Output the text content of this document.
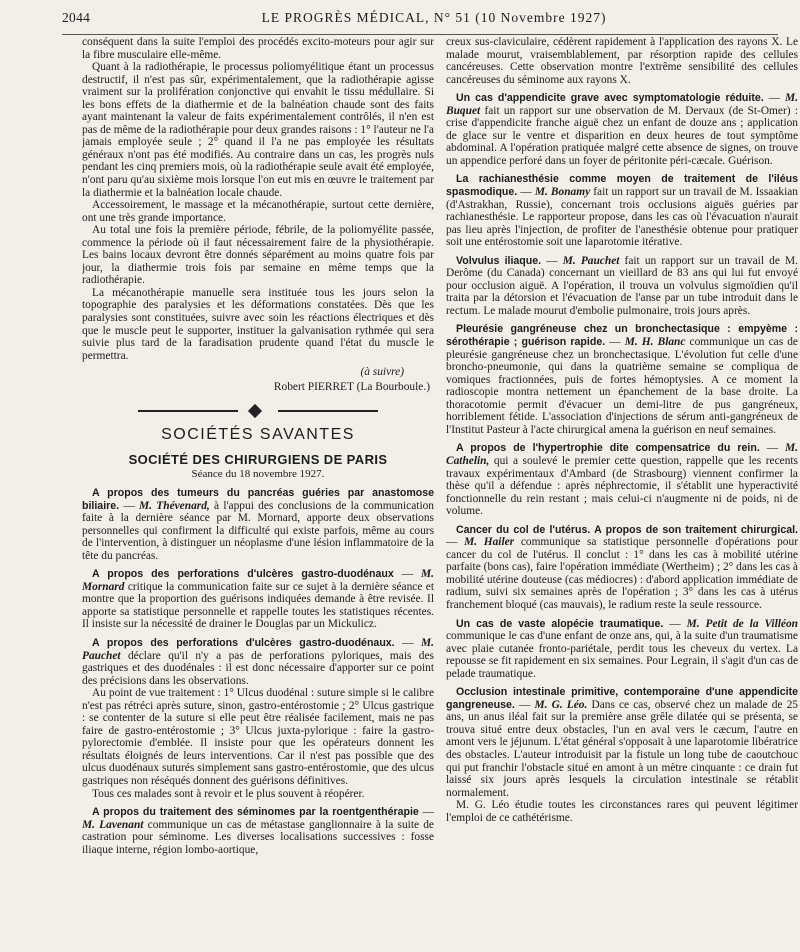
2044	LE PROGRÈS MÉDICAL, N° 51 (10 Novembre 1927)

conséquent dans la suite l'emploi des procédés excito-moteurs pour agir sur la fibre musculaire elle-même.

Quant à la radiothérapie, le processus poliomyélitique étant un processus destructif, il n'est pas sûr, expérimentalement, que la radiothérapie agisse vraiment sur la prolifération conjonctive qui envahit le tissu médullaire. Si les bons effets de la diathermie et de la balnéation chaude sont des faits ayant maintenant la valeur de faits expérimentalement contrôlés, il n'en est pas de même de la radiothérapie pour deux grandes raisons : 1° l'auteur ne l'a jamais employée seule ; 2° quand il l'a ne pas employée les résultats généraux n'ont pas été modifiés. Au contraire dans un cas, les progrès nuls pendant les cinq premiers mois, où la radiothérapie seule avait été employée, n'ont paru qu'au sixième mois lorsque l'on eut mis en œuvre le traitement par la diathermie et la balnéation locale chaude.

Accessoirement, le massage et la mécanothérapie, surtout cette dernière, ont une très grande importance.

Au total une fois la première période, fébrile, de la poliomyélite passée, commence la période où il faut nécessairement faire de la physiothérapie. Les bains locaux devront être donnés séparément au moins quatre fois par jour, la diathermie trois fois par semaine en même temps que la radiothérapie.

La mécanothérapie manuelle sera instituée tous les jours selon la topographie des paralysies et les déformations constatées. Dès que les paralysies sont constituées, suivre avec soin les réactions électriques et dès que le muscle peut le supporter, instituer la galvanisation rythmée qui sera suivie plus tard de la faradisation prudente quand l'état du muscle le permettra.

(à suivre)
Robert PIERRET (La Bourboule.)
SOCIÉTÉS SAVANTES
SOCIÉTÉ DES CHIRURGIENS DE PARIS
Séance du 18 novembre 1927.

A propos des tumeurs du pancréas guéries par anastomose biliaire. — M. Thévenard, à l'appui des conclusions de la communication faite à la dernière séance par M. Mornard, apporte deux observations personnelles qui confirment la difficulté qui existe parfois, même au cours de l'intervention, à distinguer un néoplasme d'une lésion inflammatoire de la tête du pancréas.

A propos des perforations d'ulcères gastro-duodénaux — M. Mornard critique la communication faite sur ce sujet à la dernière séance et montre que la proportion des guérisons indiquées demande à être revisée. Il apporte sa statistique personnelle et rappelle toutes les statistiques récentes. Il insiste sur la nécessité de drainer le Douglas par un Mickulicz.

A propos des perforations d'ulcères gastro-duodénaux. — M. Pauchet déclare qu'il n'y a pas de perforations pyloriques, mais des gastriques et des duodénales : il est donc nécessaire d'apporter sur ce point des précisions dans les observations.

Au point de vue traitement : 1° Ulcus duodénal : suture simple si le calibre n'est pas rétréci après suture, sinon, gastro-entérostomie ; 2° Ulcus gastrique : se contenter de la suture si elle peut être réalisée facilement, mais ne pas faire de gastro-entérostomie ; 3° Ulcus juxta-pylorique : faire la gastro-pylorectomie d'emblée. Il insiste pour que les opérateurs donnent les résultats éloignés de leurs interventions. Car il n'est pas possible que des ulcus duodénaux suturés simplement sans gastro-entérostomie, que des ulcus gastriques non réséqués donnent des guérisons définitives.

Tous ces malades sont à revoir et le plus souvent à réopérer.

A propos du traitement des séminomes par la roentgenthérapie — M. Lavenant communique un cas de métastase ganglionnaire à la suite de castration pour séminome. Les diverses localisations successives : fosse iliaque interne, région lombo-aortique,

creux sus-claviculaire, cédèrent rapidement à l'application des rayons X. Le malade mourut, vraisemblablement, par résorption rapide des cellules cancéreuses. Cette observation montre l'extrême sensibilité des cellules cancéreuses du séminome aux rayons X.

Un cas d'appendicite grave avec symptomatologie réduite. — M. Buquet fait un rapport sur une observation de M. Dervaux (de St-Omer) : crise d'appendicite franche aiguë chez un enfant de douze ans ; application de glace sur le ventre et disparition en deux heures de tout symptôme abdominal. A l'opération pratiquée malgré cette absence de signes, on trouve un appendice perforé dans un foyer de péritonite péri-cæcale. Guérison.

La rachianesthésie comme moyen de traitement de l'iléus spasmodique. — M. Bonamy fait un rapport sur un travail de M. Issaakian (d'Astrakhan, Russie), concernant trois occlusions aiguës guéries par rachianesthésie. Le rapporteur propose, dans les cas où l'évacuation n'aurait pas lieu après l'injection, de profiter de l'anesthésie obtenue pour pratiquer soit une entérostomie soit une laparotomie itérative.

Volvulus iliaque. — M. Pauchet fait un rapport sur un travail de M. Derôme (du Canada) concernant un vieillard de 83 ans qui lui fut envoyé pour occlusion aiguë. A l'opération, il trouva un volvulus sigmoïdien qu'il traita par la détorsion et l'évacuation de l'anse par un tube introduit dans le rectum. Le malade mourut d'embolie pulmonaire, trois jours après.

Pleurésie gangréneuse chez un bronchectasique : empyème : sérothérapie ; guérison rapide. — M. H. Blanc communique un cas de pleurésie gangréneuse chez un bronchectasique. L'évolution fut celle d'une broncho-pneumonie, qui dans la quatrième semaine se compliqua de vomiques fractionnées, puis de fortes hémoptysies. A ce moment la radioscopie montra nettement un épanchement de la base droite. La thoracotomie permit d'évacuer un demi-litre de pus gangréneux, horriblement fétide. L'association d'injections de sérum anti-gangréneux de l'Institut Pasteur à l'acte chirurgical amena la guérison en neuf semaines.

A propos de l'hypertrophie dite compensatrice du rein. — M. Cathelin, qui a soulevé le premier cette question, rappelle que les recents travaux expérimentaux d'Ambard (de Strasbourg) viennent confirmer la thèse qu'il a défendue : après néphrectomie, il s'établit une hyperactivité fonctionnelle du rein restant ; mais celui-ci n'augmente ni de poids, ni de volume.

Cancer du col de l'utérus. A propos de son traitement chirurgical. — M. Hailer communique sa statistique personnelle d'opérations pour cancer du col de l'utérus. Il conclut : 1° dans les cas à mobilité utérine parfaite (bons cas), faire l'opération immédiate (Wertheim) ; 2° dans les cas à mobilité utérine douteuse (cas médiocres) : d'abord application immédiate de radium, suivi six semaines après de l'opération ; 3° dans les cas à utérus franchement bloqué (cas mauvais), le radium reste la seule ressource.

Un cas de vaste alopécie traumatique. — M. Petit de la Villéon communique le cas d'une enfant de onze ans, qui, à la suite d'un traumatisme avec plaie cutanée fronto-pariétale, perdit tous les cheveux du vertex. La repousse se fit rapidement en six semaines. Pour Legrain, il s'agit d'un cas de pelade traumatique.

Occlusion intestinale primitive, contemporaine d'une appendicite gangreneuse. — M. G. Léo. Dans ce cas, observé chez un malade de 25 ans, un anus iléal fait sur la première anse grêle dilatée qui se présenta, se trouva situé entre deux obstacles, l'un en aval vers le cæcum, l'autre en amont vers le jéjunum. L'état général s'opposait à une laparotomie libératrice des obstacles. L'auteur introduisit par la fistule un long tube de caoutchouc qui put franchir l'obstacle situé en amont à un mètre cinquante : ce drain fut laissé six jours après lesquels la circulation intestinale se rétablit normalement.

M. G. Léo étudie toutes les circonstances rares qui peuvent légitimer l'emploi de ce cathétérisme.
